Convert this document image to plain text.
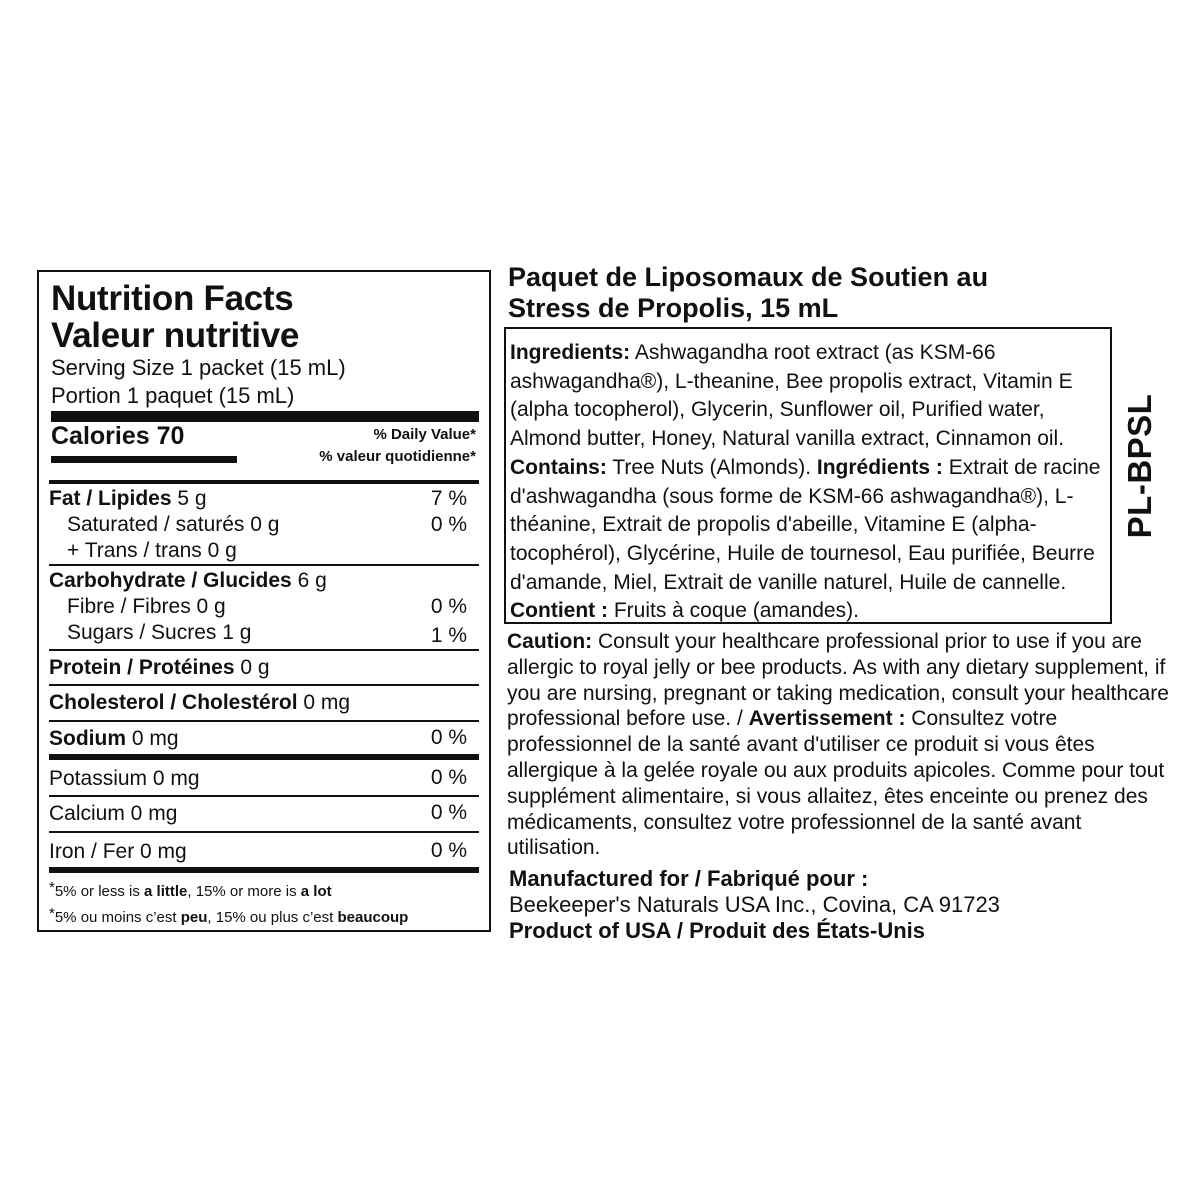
Nutrition Facts
Valeur nutritive
Serving Size 1 packet (15 mL)
Portion 1 paquet (15 mL)
Calories 70	% Daily Value*
% valeur quotidienne*
Fat / Lipides 5 g	7 %
Saturated / saturés 0 g	0 %
+ Trans / trans 0 g
Carbohydrate / Glucides 6 g
Fibre / Fibres 0 g	0 %
Sugars / Sucres 1 g	1 %
Protein / Protéines 0 g
Cholesterol / Cholestérol 0 mg
Sodium 0 mg	0 %
Potassium 0 mg	0 %
Calcium 0 mg	0 %
Iron / Fer 0 mg	0 %
*5% or less is a little, 15% or more is a lot
*5% ou moins c’est peu, 15% ou plus c’est beaucoup
Paquet de Liposomaux de Soutien au
Stress de Propolis, 15 mL
Ingredients: Ashwagandha root extract (as KSM-66 ashwagandha®), L-theanine, Bee propolis extract, Vitamin E (alpha tocopherol), Glycerin, Sunflower oil, Purified water, Almond butter, Honey, Natural vanilla extract, Cinnamon oil. Contains: Tree Nuts (Almonds). Ingrédients : Extrait de racine d'ashwagandha (sous forme de KSM-66 ashwagandha®), L-théanine, Extrait de propolis d'abeille, Vitamine E (alpha-tocophérol), Glycérine, Huile de tournesol, Eau purifiée, Beurre d'amande, Miel, Extrait de vanille naturel, Huile de cannelle. Contient : Fruits à coque (amandes).
Caution: Consult your healthcare professional prior to use if you are allergic to royal jelly or bee products. As with any dietary supplement, if you are nursing, pregnant or taking medication, consult your healthcare professional before use. / Avertissement : Consultez votre professionnel de la santé avant d'utiliser ce produit si vous êtes allergique à la gelée royale ou aux produits apicoles. Comme pour tout supplément alimentaire, si vous allaitez, êtes enceinte ou prenez des médicaments, consultez votre professionnel de la santé avant utilisation.
Manufactured for / Fabriqué pour :
Beekeeper's Naturals USA Inc., Covina, CA 91723
Product of USA / Produit des États-Unis
PL-BPSL
